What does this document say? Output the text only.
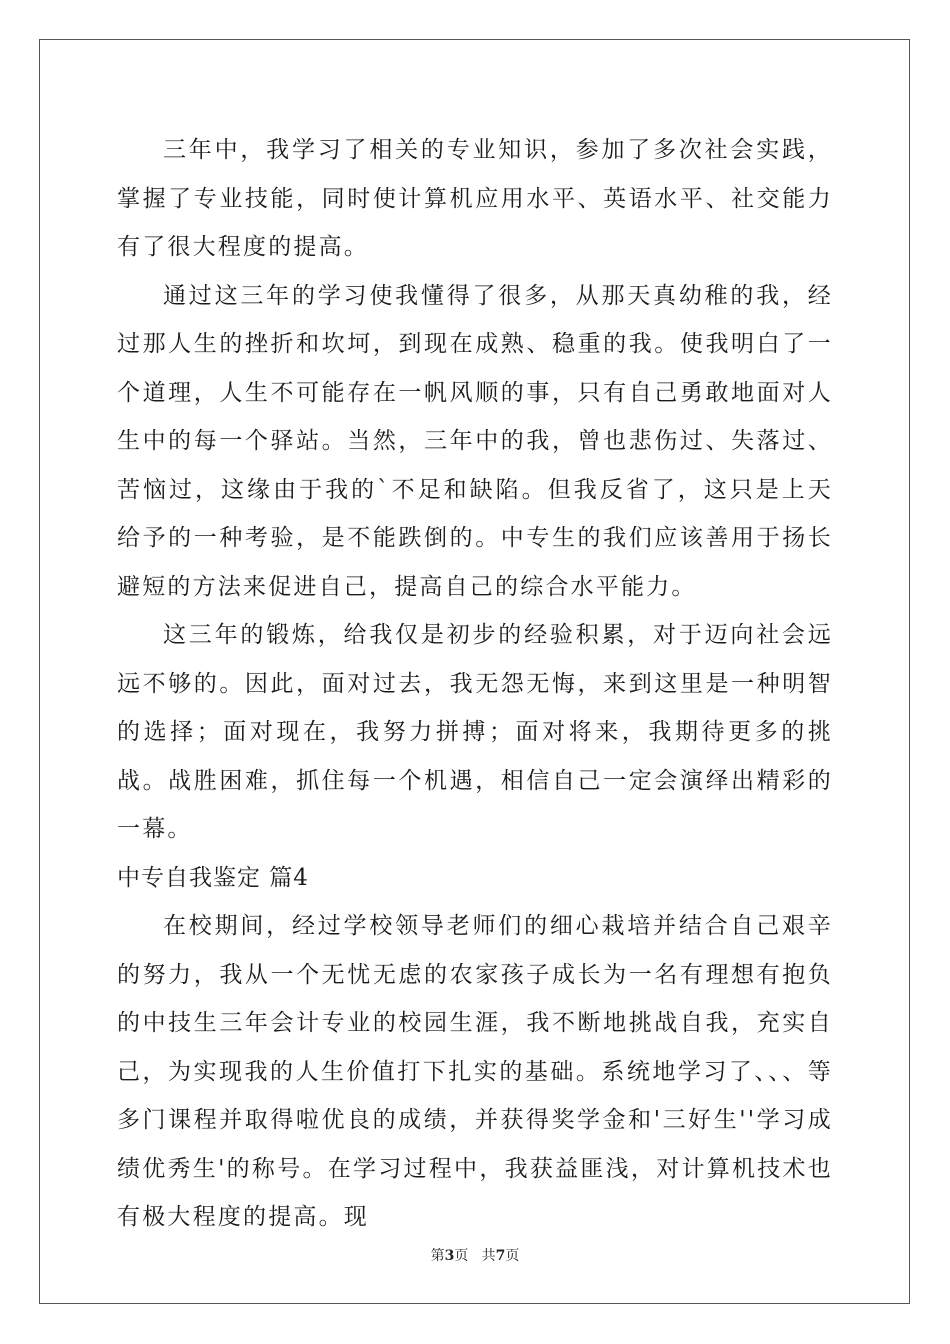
三年中，我学习了相关的专业知识，参加了多次社会实践，掌握了专业技能，同时使计算机应用水平、英语水平、社交能力有了很大程度的提高。

通过这三年的学习使我懂得了很多，从那天真幼稚的我，经过那人生的挫折和坎坷，到现在成熟、稳重的我。使我明白了一个道理，人生不可能存在一帆风顺的事，只有自己勇敢地面对人生中的每一个驿站。当然，三年中的我，曾也悲伤过、失落过、苦恼过，这缘由于我的`不足和缺陷。但我反省了，这只是上天给予的一种考验，是不能跌倒的。中专生的我们应该善用于扬长避短的方法来促进自己，提高自己的综合水平能力。

这三年的锻炼，给我仅是初步的经验积累，对于迈向社会远远不够的。因此，面对过去，我无怨无悔，来到这里是一种明智的选择；面对现在，我努力拼搏；面对将来，我期待更多的挑战。战胜困难，抓住每一个机遇，相信自己一定会演绎出精彩的一幕。

中专自我鉴定 篇4

在校期间，经过学校领导老师们的细心栽培并结合自己艰辛的努力，我从一个无忧无虑的农家孩子成长为一名有理想有抱负的中技生三年会计专业的校园生涯，我不断地挑战自我，充实自己，为实现我的人生价值打下扎实的基础。系统地学习了、、、等多门课程并取得啦优良的成绩，并获得奖学金和'三好生''学习成绩优秀生'的称号。在学习过程中，我获益匪浅，对计算机技术也有极大程度的提高。现

第3页 共7页
